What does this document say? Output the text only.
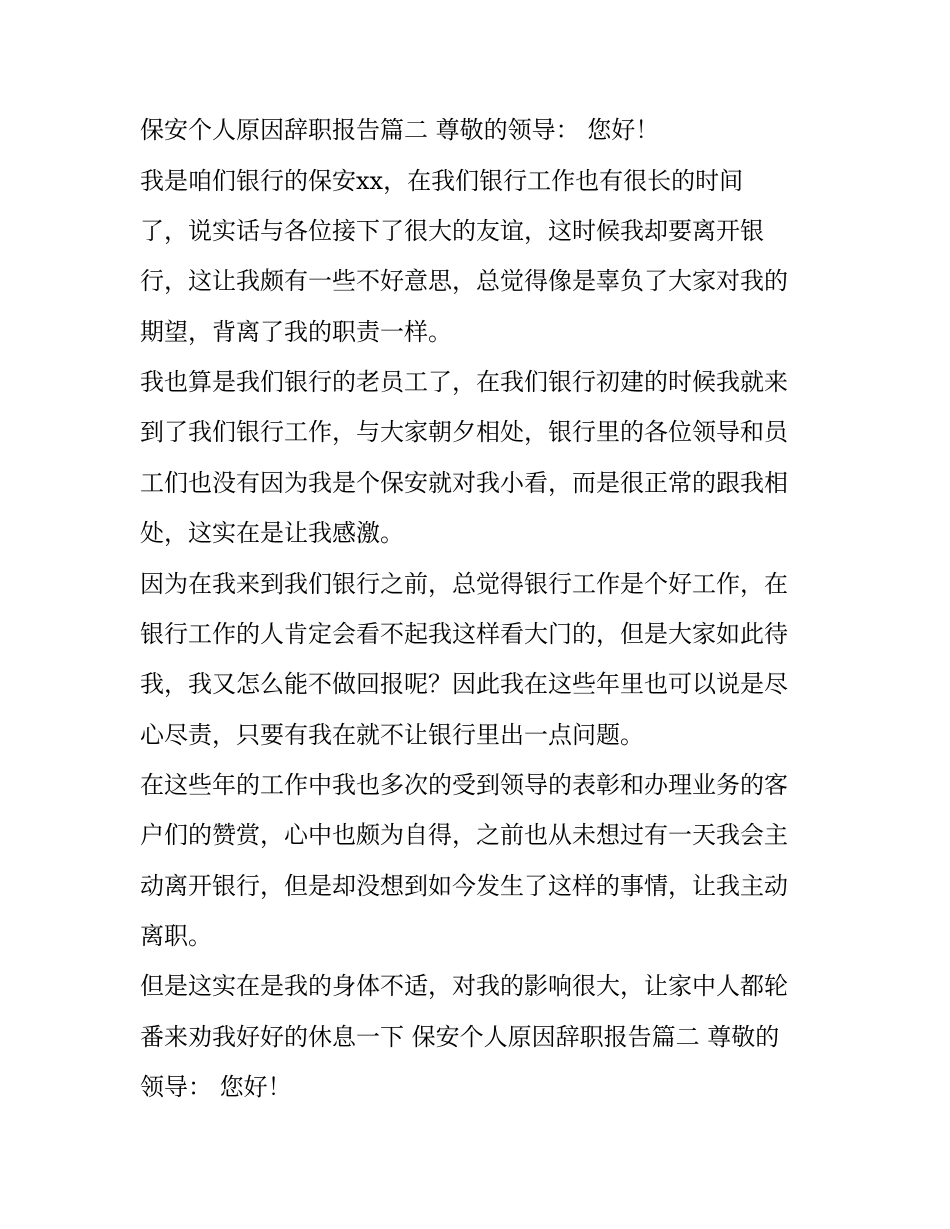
保安个人原因辞职报告篇二 尊敬的领导： 您好！
我是咱们银行的保安xx，在我们银行工作也有很长的时间
了，说实话与各位接下了很大的友谊，这时候我却要离开银
行，这让我颇有一些不好意思，总觉得像是辜负了大家对我的
期望，背离了我的职责一样。
我也算是我们银行的老员工了，在我们银行初建的时候我就来
到了我们银行工作，与大家朝夕相处，银行里的各位领导和员
工们也没有因为我是个保安就对我小看，而是很正常的跟我相
处，这实在是让我感激。
因为在我来到我们银行之前，总觉得银行工作是个好工作，在
银行工作的人肯定会看不起我这样看大门的，但是大家如此待
我，我又怎么能不做回报呢？因此我在这些年里也可以说是尽
心尽责，只要有我在就不让银行里出一点问题。
在这些年的工作中我也多次的受到领导的表彰和办理业务的客
户们的赞赏，心中也颇为自得，之前也从未想过有一天我会主
动离开银行，但是却没想到如今发生了这样的事情，让我主动
离职。
但是这实在是我的身体不适，对我的影响很大，让家中人都轮
番来劝我好好的休息一下 保安个人原因辞职报告篇二 尊敬的
领导： 您好！
